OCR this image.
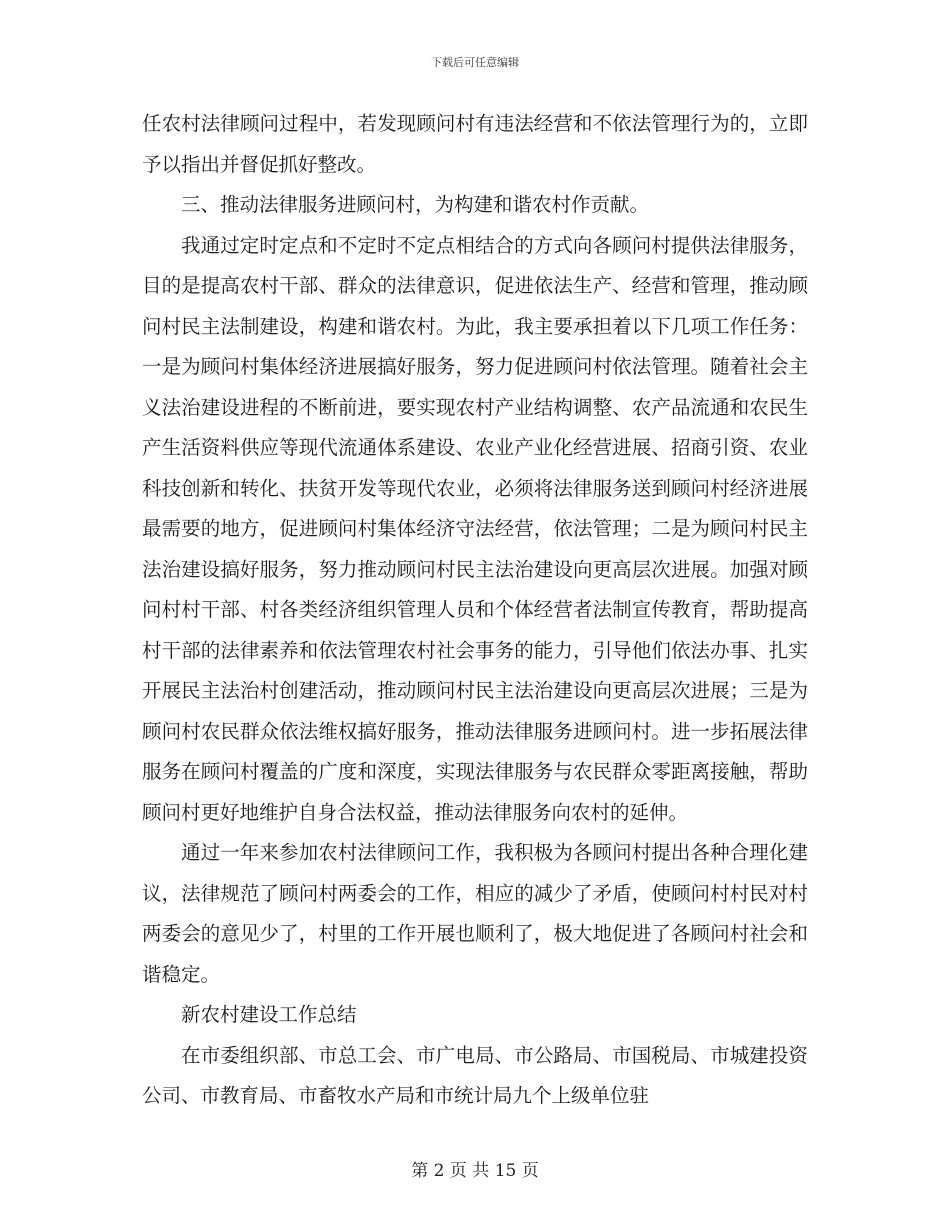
下载后可任意编辑

任农村法律顾问过程中，若发现顾问村有违法经营和不依法管理行为的，立即予以指出并督促抓好整改。

三、推动法律服务进顾问村，为构建和谐农村作贡献。

我通过定时定点和不定时不定点相结合的方式向各顾问村提供法律服务，目的是提高农村干部、群众的法律意识，促进依法生产、经营和管理，推动顾问村民主法制建设，构建和谐农村。为此，我主要承担着以下几项工作任务：一是为顾问村集体经济进展搞好服务，努力促进顾问村依法管理。随着社会主义法治建设进程的不断前进，要实现农村产业结构调整、农产品流通和农民生产生活资料供应等现代流通体系建设、农业产业化经营进展、招商引资、农业科技创新和转化、扶贫开发等现代农业，必须将法律服务送到顾问村经济进展最需要的地方，促进顾问村集体经济守法经营，依法管理；二是为顾问村民主法治建设搞好服务，努力推动顾问村民主法治建设向更高层次进展。加强对顾问村村干部、村各类经济组织管理人员和个体经营者法制宣传教育，帮助提高村干部的法律素养和依法管理农村社会事务的能力，引导他们依法办事、扎实开展民主法治村创建活动，推动顾问村民主法治建设向更高层次进展；三是为顾问村农民群众依法维权搞好服务，推动法律服务进顾问村。进一步拓展法律服务在顾问村覆盖的广度和深度，实现法律服务与农民群众零距离接触，帮助顾问村更好地维护自身合法权益，推动法律服务向农村的延伸。

通过一年来参加农村法律顾问工作，我积极为各顾问村提出各种合理化建议，法律规范了顾问村两委会的工作，相应的减少了矛盾，使顾问村村民对村两委会的意见少了，村里的工作开展也顺利了，极大地促进了各顾问村社会和谐稳定。

新农村建设工作总结

在市委组织部、市总工会、市广电局、市公路局、市国税局、市城建投资公司、市教育局、市畜牧水产局和市统计局九个上级单位驻

第 2 页 共 15 页
